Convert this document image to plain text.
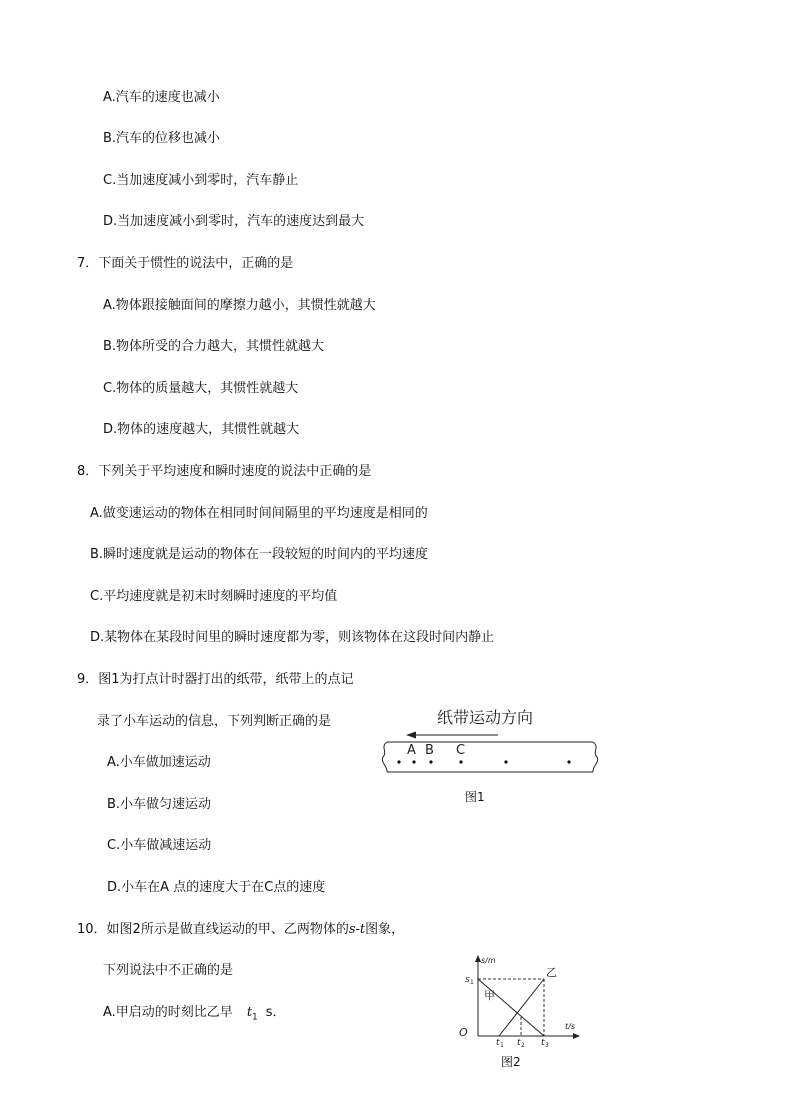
A.汽车的速度也减小
B.汽车的位移也减小
C.当加速度减小到零时，汽车静止
D.当加速度减小到零时，汽车的速度达到最大
7．下面关于惯性的说法中，正确的是
A.物体跟接触面间的摩擦力越小，其惯性就越大
B.物体所受的合力越大，其惯性就越大
C.物体的质量越大，其惯性就越大
D.物体的速度越大，其惯性就越大
8．下列关于平均速度和瞬时速度的说法中正确的是
A.做变速运动的物体在相同时间间隔里的平均速度是相同的
B.瞬时速度就是运动的物体在一段较短的时间内的平均速度
C.平均速度就是初末时刻瞬时速度的平均值
D.某物体在某段时间里的瞬时速度都为零，则该物体在这段时间内静止
9．图1为打点计时器打出的纸带，纸带上的点记
录了小车运动的信息，下列判断正确的是
A.小车做加速运动
B.小车做匀速运动
C.小车做减速运动
D.小车在A 点的速度大于在C点的速度
纸带运动方向
A B C
图1
10．如图2所示是做直线运动的甲、乙两物体的s-t图象，
下列说法中不正确的是
A.甲启动的时刻比乙早 $t_1$ s．
s/m
t/s
O
s 1
甲
乙
t 1 t 2 t 3
图2
